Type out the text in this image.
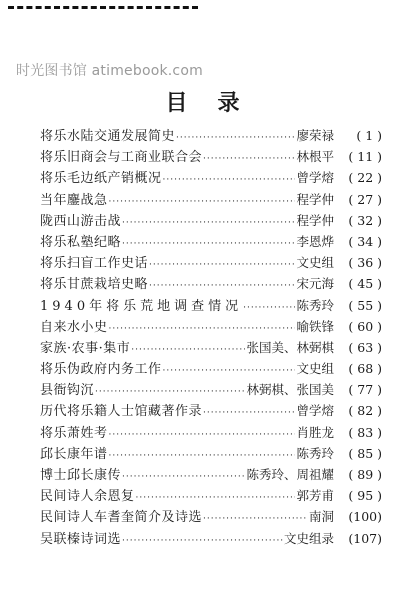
时光图书馆 atimebook.com
目录
将乐水陆交通发展简史 ·····	廖荣禄	( 1 )
将乐旧商会与工商业联合会 ·····	林根平	( 11 )
将乐毛边纸产销概况 ·····	曾学熔	( 22 )
当年鏖战急 ·····	程学仲	( 27 )
陇西山游击战 ·····	程学仲	( 32 )
将乐私塾纪略 ·····	李恩烨	( 34 )
将乐扫盲工作史话 ·····	文史组	( 36 )
将乐甘蔗栽培史略 ·····	宋元海	( 45 )
1940年将乐荒地调查情况 ·····	陈秀玲	( 55 )
自来水小史 ·····	喻铁锋	( 60 )
家族·农事·集市 ·····	张国美、林弼棋	( 63 )
将乐伪政府内务工作 ·····	文史组	( 68 )
县衙钩沉 ·····	林弼棋、张国美	( 77 )
历代将乐籍人士馆藏著作录 ·····	曾学熔	( 82 )
将乐萧姓考 ·····	肖胜龙	( 83 )
邱长康年谱 ·····	陈秀玲	( 85 )
博士邱长康传 ·····	陈秀玲、周祖耀	( 89 )
民间诗人余恩复 ·····	郭芳甫	( 95 )
民间诗人车耆奎简介及诗选 ·····	南洞	(100)
吴联榛诗词选 ·····	文史组录	(107)
